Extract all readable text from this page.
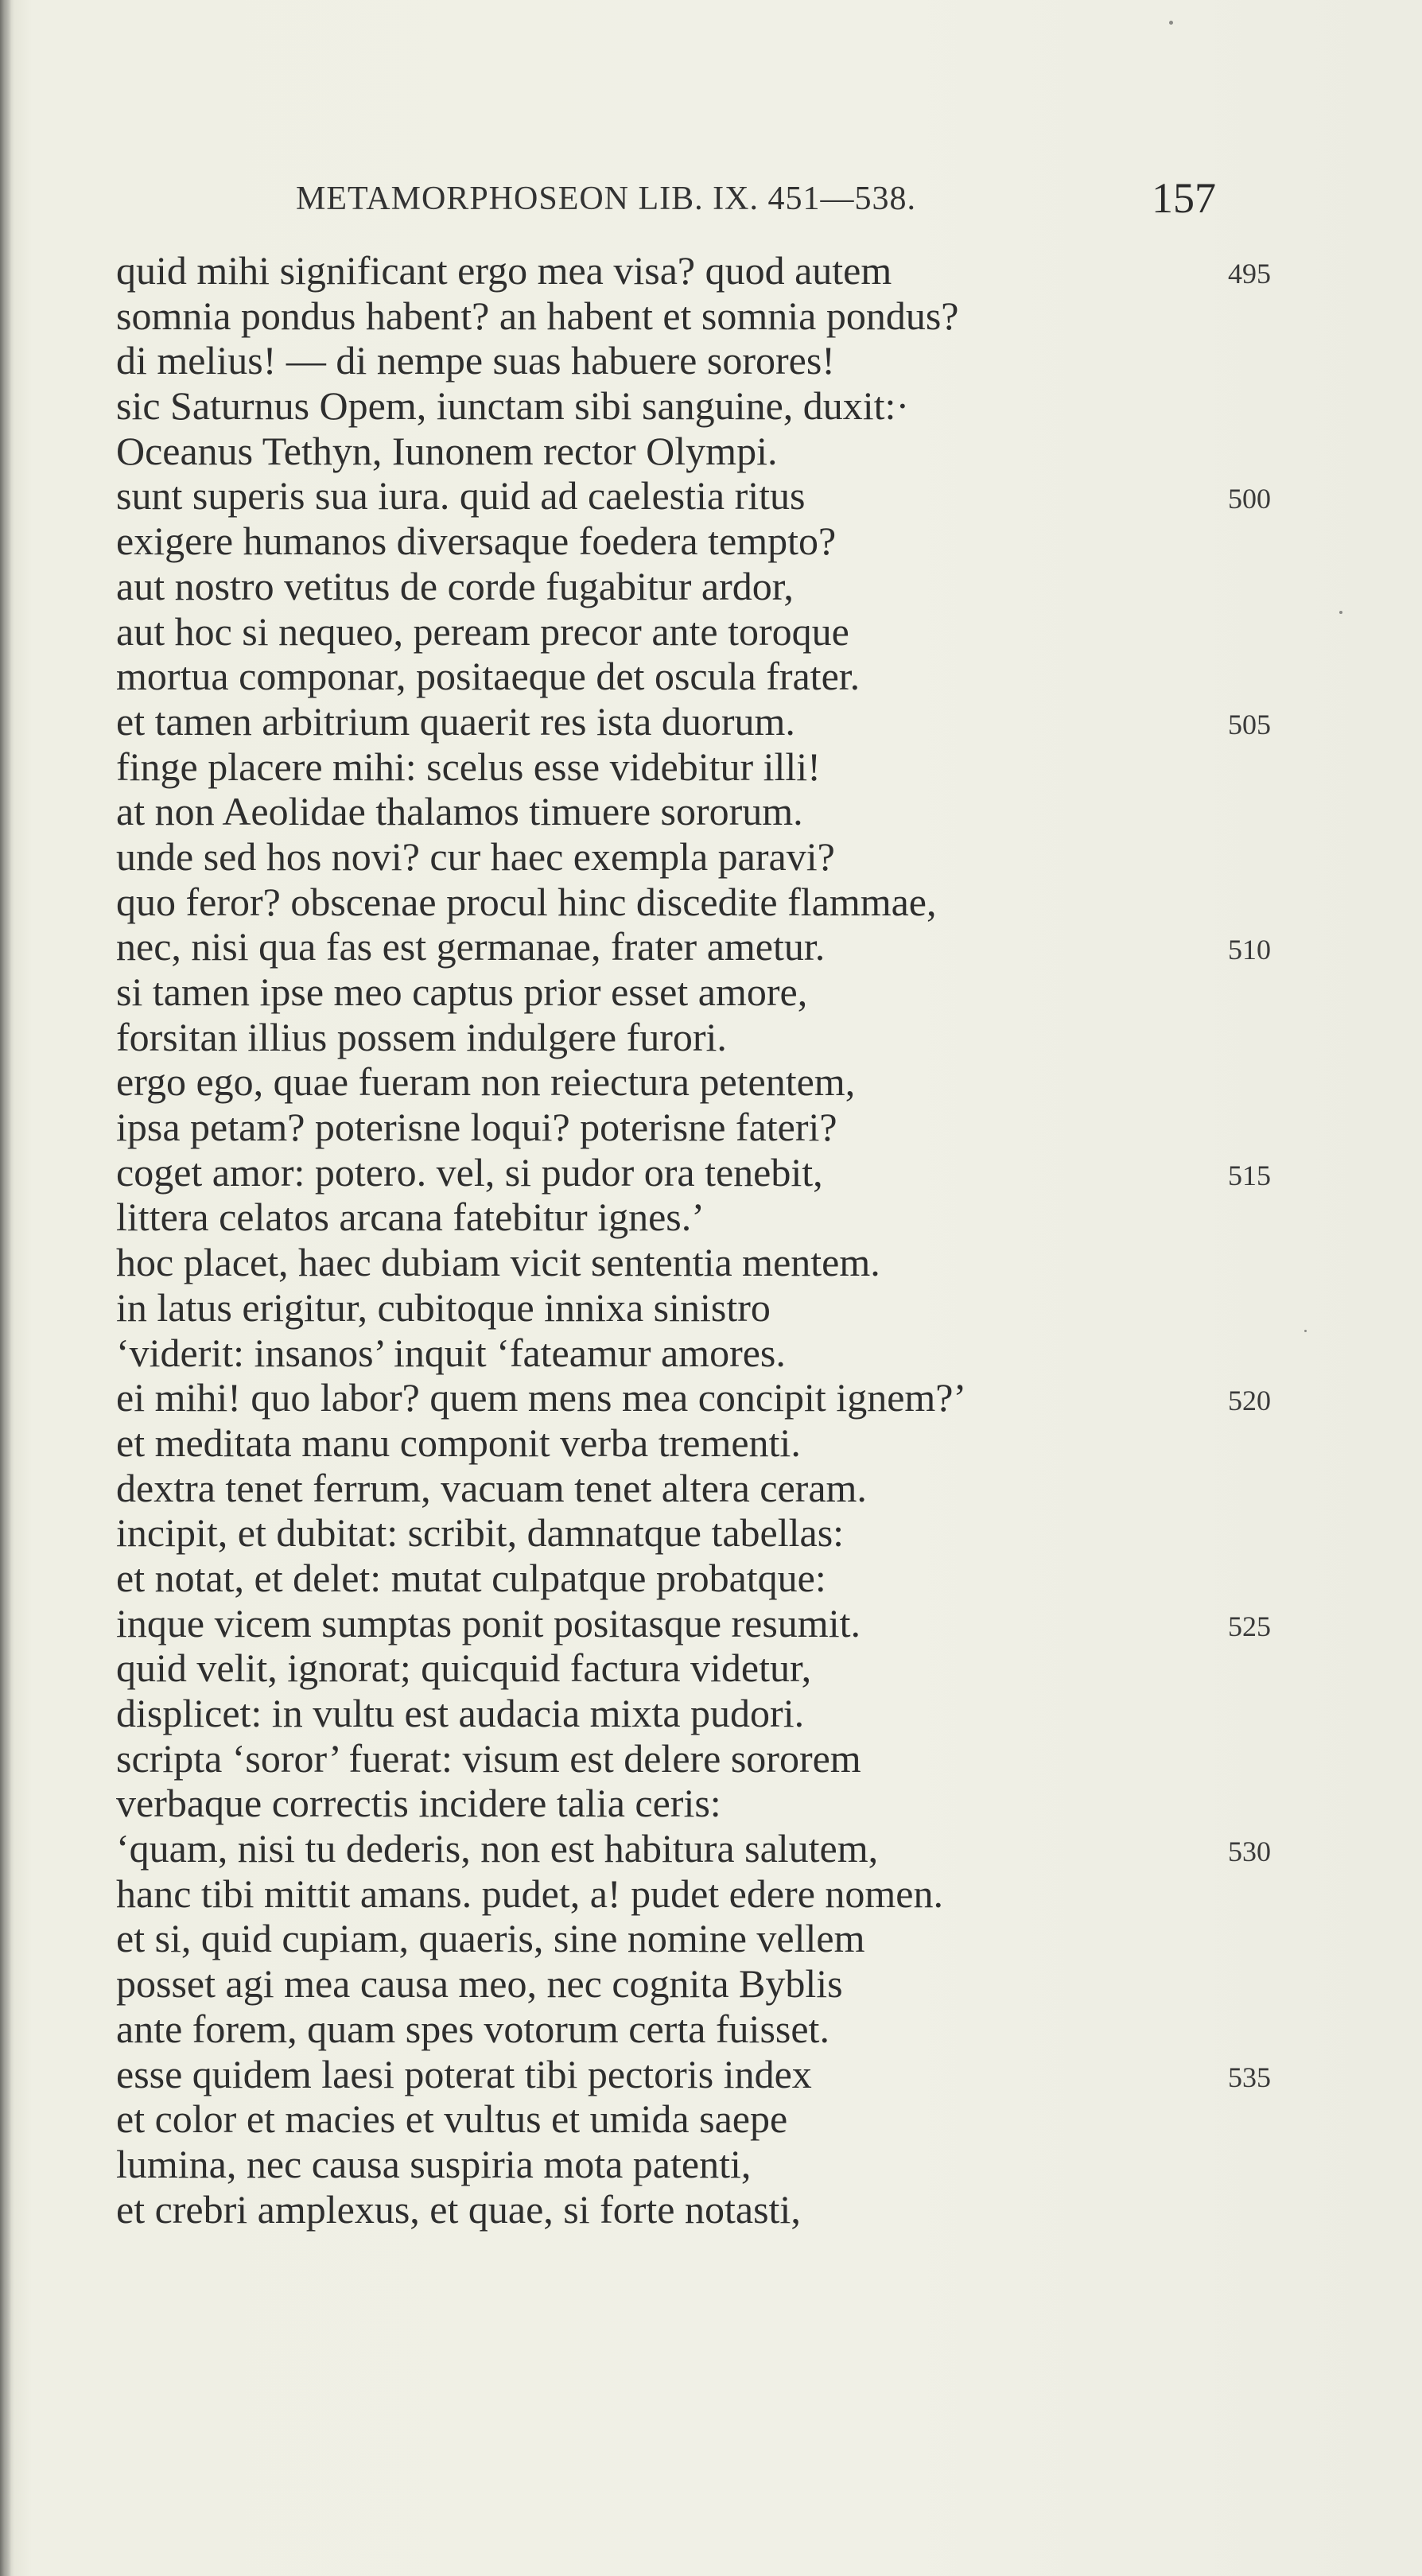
METAMORPHOSEON LIB. IX. 451—538.	157
quid mihi significant ergo mea visa? quod autem	495
somnia pondus habent? an habent et somnia pondus?
di melius! — di nempe suas habuere sorores!
sic Saturnus Opem, iunctam sibi sanguine, duxit:·
Oceanus Tethyn, Iunonem rector Olympi.
sunt superis sua iura. quid ad caelestia ritus	500
exigere humanos diversaque foedera tempto?
aut nostro vetitus de corde fugabitur ardor,
aut hoc si nequeo, peream precor ante toroque
mortua componar, positaeque det oscula frater.
et tamen arbitrium quaerit res ista duorum.	505
finge placere mihi: scelus esse videbitur illi!
at non Aeolidae thalamos timuere sororum.
unde sed hos novi? cur haec exempla paravi?
quo feror? obscenae procul hinc discedite flammae,
nec, nisi qua fas est germanae, frater ametur.	510
si tamen ipse meo captus prior esset amore,
forsitan illius possem indulgere furori.
ergo ego, quae fueram non reiectura petentem,
ipsa petam? poterisne loqui? poterisne fateri?
coget amor: potero. vel, si pudor ora tenebit,	515
littera celatos arcana fatebitur ignes.’
hoc placet, haec dubiam vicit sententia mentem.
in latus erigitur, cubitoque innixa sinistro
‘viderit: insanos’ inquit ‘fateamur amores.
ei mihi! quo labor? quem mens mea concipit ignem?’	520
et meditata manu componit verba trementi.
dextra tenet ferrum, vacuam tenet altera ceram.
incipit, et dubitat: scribit, damnatque tabellas:
et notat, et delet: mutat culpatque probatque:
inque vicem sumptas ponit positasque resumit.	525
quid velit, ignorat; quicquid factura videtur,
displicet: in vultu est audacia mixta pudori.
scripta ‘soror’ fuerat: visum est delere sororem
verbaque correctis incidere talia ceris:
‘quam, nisi tu dederis, non est habitura salutem,	530
hanc tibi mittit amans. pudet, a! pudet edere nomen.
et si, quid cupiam, quaeris, sine nomine vellem
posset agi mea causa meo, nec cognita Byblis
ante forem, quam spes votorum certa fuisset.
esse quidem laesi poterat tibi pectoris index	535
et color et macies et vultus et umida saepe
lumina, nec causa suspiria mota patenti,
et crebri amplexus, et quae, si forte notasti,
